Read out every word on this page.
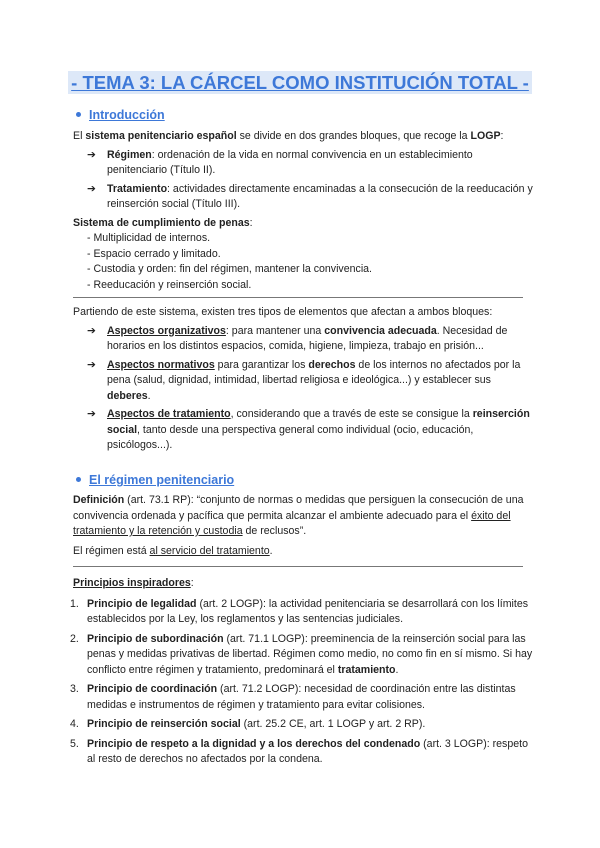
- TEMA 3: LA CÁRCEL COMO INSTITUCIÓN TOTAL -
Introducción

El sistema penitenciario español se divide en dos grandes bloques, que recoge la LOGP:

➔ Régimen: ordenación de la vida en normal convivencia en un establecimiento penitenciario (Título II).
➔ Tratamiento: actividades directamente encaminadas a la consecución de la reeducación y reinserción social (Título III).

Sistema de cumplimiento de penas:

- Multiplicidad de internos.
- Espacio cerrado y limitado.
- Custodia y orden: fin del régimen, mantener la convivencia.
- Reeducación y reinserción social.

Partiendo de este sistema, existen tres tipos de elementos que afectan a ambos bloques:

➔ Aspectos organizativos: para mantener una convivencia adecuada. Necesidad de horarios en los distintos espacios, comida, higiene, limpieza, trabajo en prisión...
➔ Aspectos normativos para garantizar los derechos de los internos no afectados por la pena (salud, dignidad, intimidad, libertad religiosa e ideológica...) y establecer sus deberes.
➔ Aspectos de tratamiento, considerando que a través de este se consigue la reinserción social, tanto desde una perspectiva general como individual (ocio, educación, psicólogos...).
El régimen penitenciario

Definición (art. 73.1 RP): “conjunto de normas o medidas que persiguen la consecución de una convivencia ordenada y pacífica que permita alcanzar el ambiente adecuado para el éxito del tratamiento y la retención y custodia de reclusos”.

El régimen está al servicio del tratamiento.

Principios inspiradores:

1. Principio de legalidad (art. 2 LOGP): la actividad penitenciaria se desarrollará con los límites establecidos por la Ley, los reglamentos y las sentencias judiciales.
2. Principio de subordinación (art. 71.1 LOGP): preeminencia de la reinserción social para las penas y medidas privativas de libertad. Régimen como medio, no como fin en sí mismo. Si hay conflicto entre régimen y tratamiento, predominará el tratamiento.
3. Principio de coordinación (art. 71.2 LOGP): necesidad de coordinación entre las distintas medidas e instrumentos de régimen y tratamiento para evitar colisiones.
4. Principio de reinserción social (art. 25.2 CE, art. 1 LOGP y art. 2 RP).
5. Principio de respeto a la dignidad y a los derechos del condenado (art. 3 LOGP): respeto al resto de derechos no afectados por la condena.
